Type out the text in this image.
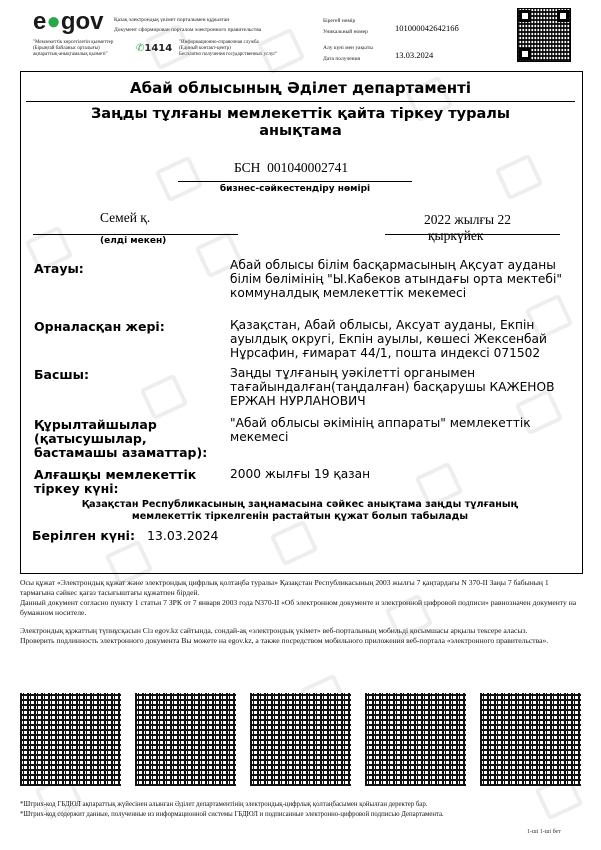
e●gov Қазақ электрондық үкімет порталымен құрылған
Документ сформирован порталом электронного правительства
"Мемлекеттік көрсетілетін қызметтер
(Бірыңғай байланыс орталығы)
ақпараттық-анықтамалық қызметі"
✆1414
"Информационно-справочная служба
(Единый контакт-центр)
Бесплатно получения государственных услуг"
Бірегей нөмір
Уникальный номер	10100004264216б
Алу күні мен уақыты
Дата получения	13.03.2024
Абай облысының Әділет департаменті
Заңды тұлғаны мемлекеттік қайта тіркеу туралы
анықтама
БСН 001040002741
бизнес-сәйкестендіру нөмірі
Семей қ.
(елді мекен)
2022 жылғы 22
қыркүйек
Атауы:	Абай облысы білім басқармасының Ақсуат ауданы білім бөлімінің "Ы.Кабеков атындағы орта мектебі" коммуналдық мемлекеттік мекемесі
Орналасқан жері:	Қазақстан, Абай облысы, Аксуат ауданы, Екпін ауылдық округі, Екпін ауылы, көшесі Жексенбай Нұрсафин, ғимарат 44/1, пошта индексі 071502
Басшы:	Заңды тұлғаның уәкілетті органымен тағайындалған(таңдалған) басқарушы КАЖЕНОВ ЕРЖАН НУРЛАНОВИЧ
Құрылтайшылар (қатысушылар, бастамашы азаматтар):
"Абай облысы әкімінің аппараты" мемлекеттік мекемесі
Алғашқы мемлекеттік тіркеу күні:
2000 жылғы 19 қазан
Қазақстан Республикасының заңнамасына сәйкес анықтама заңды тұлғаның мемлекеттік тіркелгенін растайтын құжат болып табылады
Берілген күні: 13.03.2024
Осы құжат «Электрондық құжат және электрондық цифрлық қолтаңба туралы» Қазақстан Республикасының 2003 жылғы 7 қаңтардағы N 370-II Заңы 7 бабының 1 тармағына сәйкес қағаз тасығыштағы құжатпен бірдей.
Данный документ согласно пункту 1 статьи 7 ЗРК от 7 января 2003 года N370-II «Об электронном документе и электронной цифровой подписи» равнозначен документу на бумажном носителе.
Электрондық құжаттың түпнұсқасын Сіз egov.kz сайтында, сондай-ақ «электрондық үкімет» веб-порталының мобильді қосымшасы арқылы тексере аласыз.
Проверить подлинность электронного документа Вы можете на egov.kz, а также посредством мобильного приложения веб-портала «электронного правительства».
*Штрих-код ГБДЮЛ ақпараттық жүйесінен алынған Әділет департаментінің электрондық-цифрлық қолтаңбасымен қойылған деректер бар.
*Штрих-код содержит данные, полученные из информационной системы ГБДЮЛ и подписанные электронно-цифровой подписью Департамента.
1-ші 1-ші бет
